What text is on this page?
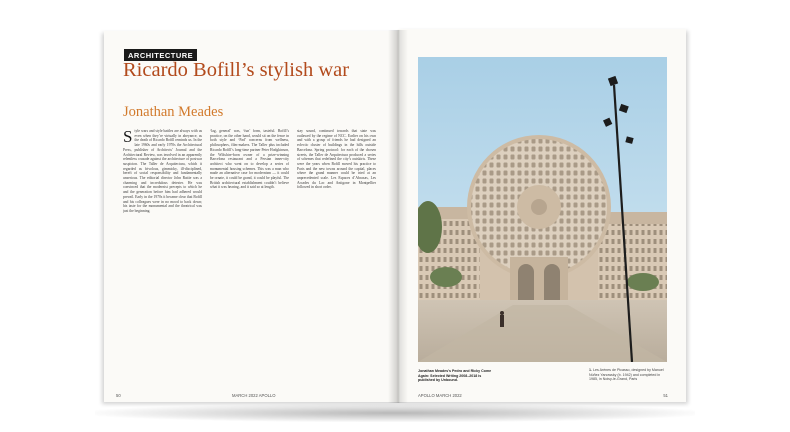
ARCHITECTURE
Ricardo Bofill’s stylish war
Jonathan Meades
Style wars and style battles are always with us even when they’re virtually in abeyance, as the death of Ricardo Bofill reminds us. In the late 1960s and early 1970s the Architectural Press, publisher of Architects’ Journal and the Architectural Review, was involved in an apparently relentless crusade against the architecture of postwar suspicion. The Taller de Arquitectura, which it regarded as frivolous, gimmicky, ill-disciplined, bereft of social responsibility and fundamentally unserious. The editorial director John Rattie was a charming and incredulous detester. He was convinced that the modernist precepts to which he and the generation before him had adhered would prevail. Early in the 1970s it became clear that Bofill and his colleagues were in no mood to back down; his taste for the monumental and the theatrical was just the beginning.
‘lag, general’ was, ‘fun’ form, tasteful. Bofill’s practice, on the other hand, would sit on the fence in both style and ‘Pad’ concerns from wellness, philosophers, film-makers. The Taller plus included Ricardo Bofill’s long-time partner Peter Hodgkinson, the Wiltshire-born owner of a prize-winning Barcelona restaurant and a Persian inner-city architect who went on to develop a series of monumental housing schemes. This was a man who made an alternative case for modernism — it could be ornate, it could be grand, it could be playful. The British architectural establishment couldn’t believe what it was hearing, and it said so at length.
stay sound, continued towards that state was outlawed by the regime of NCC. Earlier on his own and with a group of friends he had designed an eclectic cluster of buildings in the hills outside Barcelona. Spring protocol: for each of the chosen streets, the Taller de Arquitectura produced a series of schemes that redefined the city’s outskirts. These were the years when Bofill moved his practice to Paris and the new towns around the capital, places where the grand manner could be tried at an unprecedented scale. Les Espaces d’Abraxas, Les Arcades du Lac and Antigone in Montpellier followed in short order.
50	MARCH 2022 APOLLO
Jonathan Meades’s Pedro and Ricky Come Again: Selected Writing 2008–2018 is published by Unbound.
1. Les Arènes de Picasso, designed by Manuel Núñez Yanowsky (b. 1942) and completed in 1985, in Noisy-le-Grand, Paris
APOLLO MARCH 2022	51
